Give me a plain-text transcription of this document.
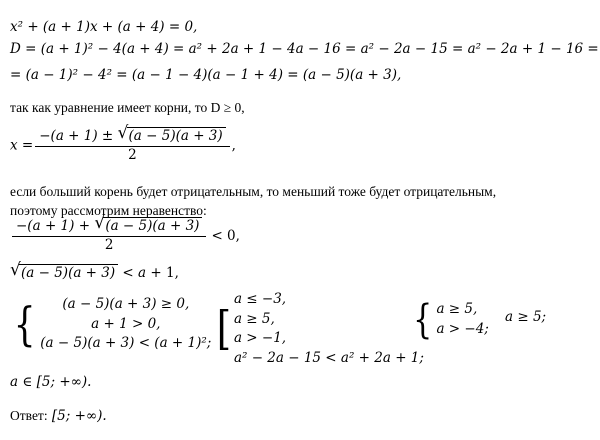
x² + (a + 1)x + (a + 4) = 0,
D = (a + 1)² − 4(a + 4) = a² + 2a + 1 − 4a − 16 = a² − 2a − 15 = a² − 2a + 1 − 16 =
= (a − 1)² − 4² = (a − 1 − 4)(a − 1 + 4) = (a − 5)(a + 3),
так как уравнение имеет корни, то D ≥ 0,
$x = \frac{-(a + 1) \pm √ (a - 5)(a + 3)}{2}$ ,
если больший корень будет отрицательным, то меньший тоже будет отрицательным,
поэтому рассмотрим неравенство:
$\frac{-(a + 1) + √ (a - 5)(a + 3)}{2} < 0$,
√ (a − 5)(a + 3) < a + 1,
{	(a − 5)(a + 3) ≥ 0,
a + 1 > 0,
(a − 5)(a + 3) < (a + 1)²; [
a ≤ −3,
a ≥ 5,
a > −1,
a² − 2a − 15 < a² + 2a + 1;
{ a ≥ 5,
a > −4;
a ≥ 5;
a ∈ [5; +∞).
Ответ: [5; +∞).
